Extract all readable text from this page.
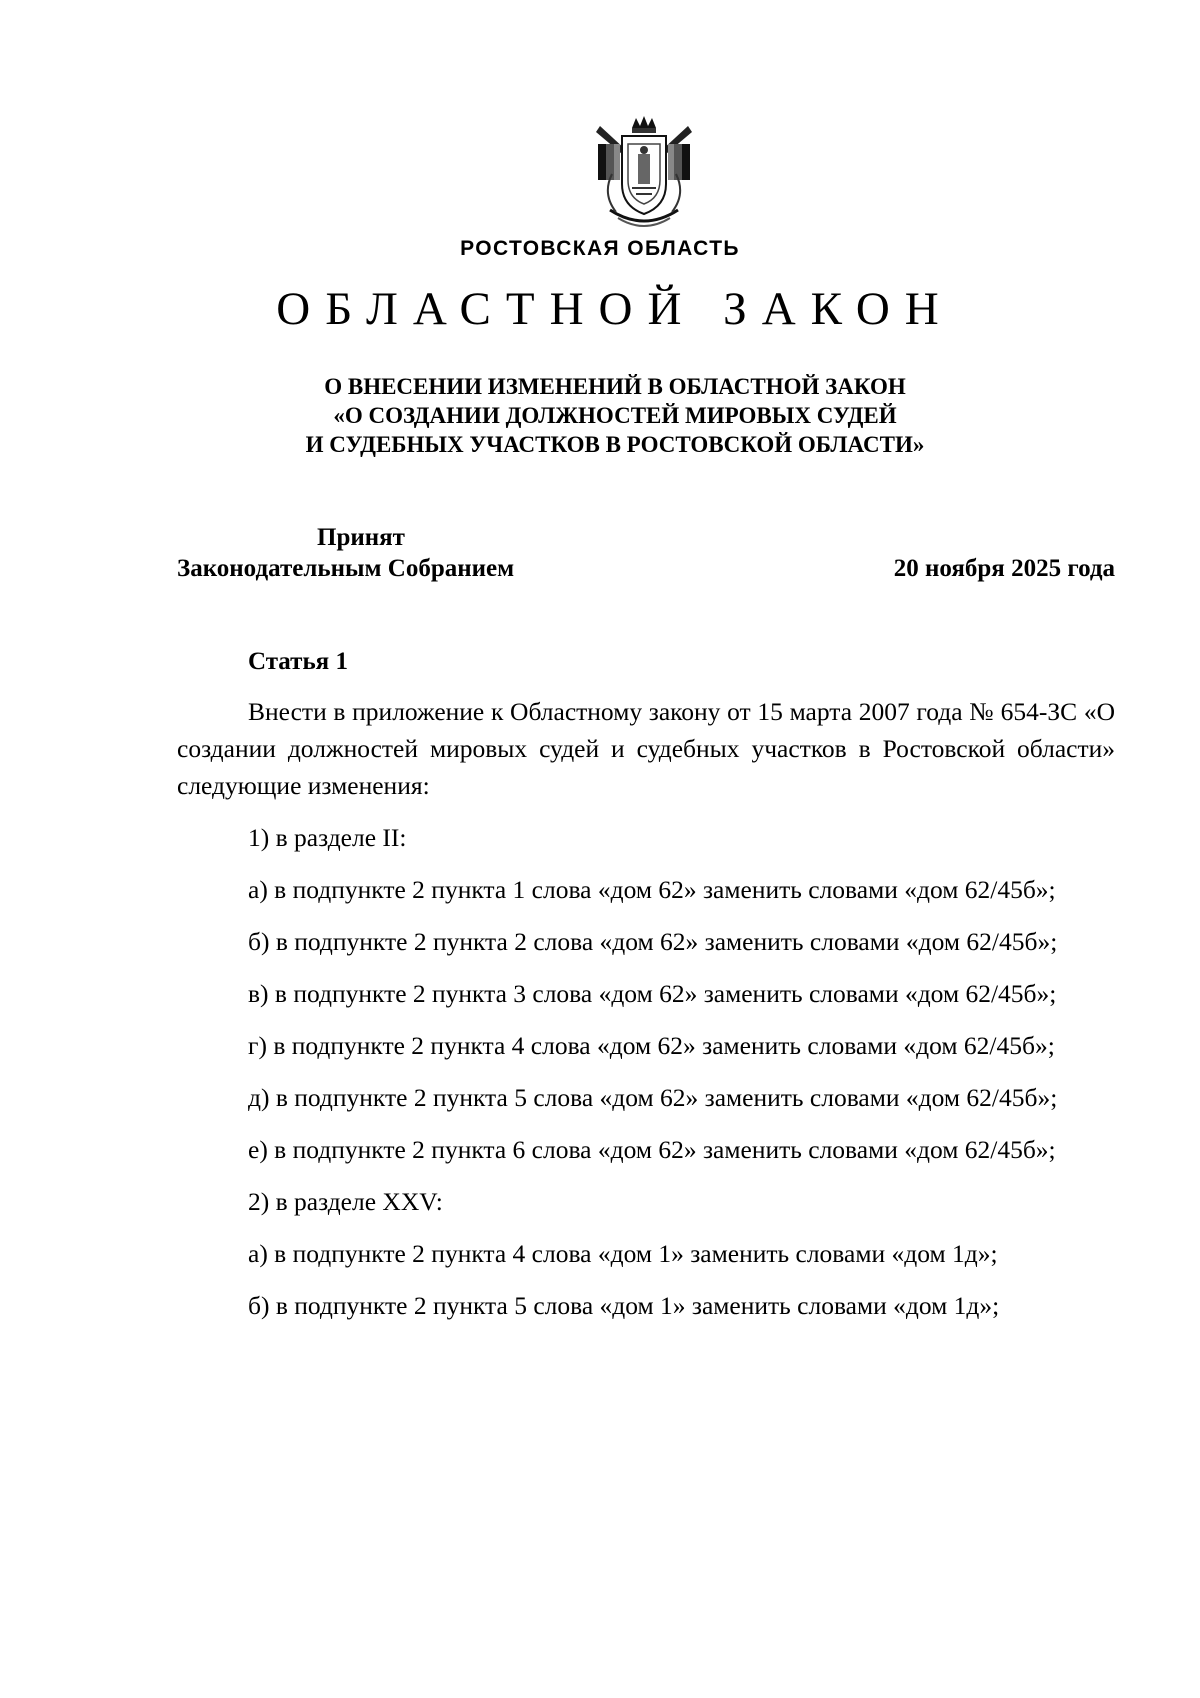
РОСТОВСКАЯ ОБЛАСТЬ
ОБЛАСТНОЙ ЗАКОН
О ВНЕСЕНИИ ИЗМЕНЕНИЙ В ОБЛАСТНОЙ ЗАКОН
«О СОЗДАНИИ ДОЛЖНОСТЕЙ МИРОВЫХ СУДЕЙ
И СУДЕБНЫХ УЧАСТКОВ В РОСТОВСКОЙ ОБЛАСТИ»
Принят
Законодательным Собранием	20 ноября 2025 года
Статья 1

Внести в приложение к Областному закону от 15 марта 2007 года № 654-ЗС «О создании должностей мировых судей и судебных участков в Ростовской области» следующие изменения:

1) в разделе II:

а) в подпункте 2 пункта 1 слова «дом 62» заменить словами «дом 62/45б»;

б) в подпункте 2 пункта 2 слова «дом 62» заменить словами «дом 62/45б»;

в) в подпункте 2 пункта 3 слова «дом 62» заменить словами «дом 62/45б»;

г) в подпункте 2 пункта 4 слова «дом 62» заменить словами «дом 62/45б»;

д) в подпункте 2 пункта 5 слова «дом 62» заменить словами «дом 62/45б»;

е) в подпункте 2 пункта 6 слова «дом 62» заменить словами «дом 62/45б»;

2) в разделе XXV:

а) в подпункте 2 пункта 4 слова «дом 1» заменить словами «дом 1д»;

б) в подпункте 2 пункта 5 слова «дом 1» заменить словами «дом 1д»;
